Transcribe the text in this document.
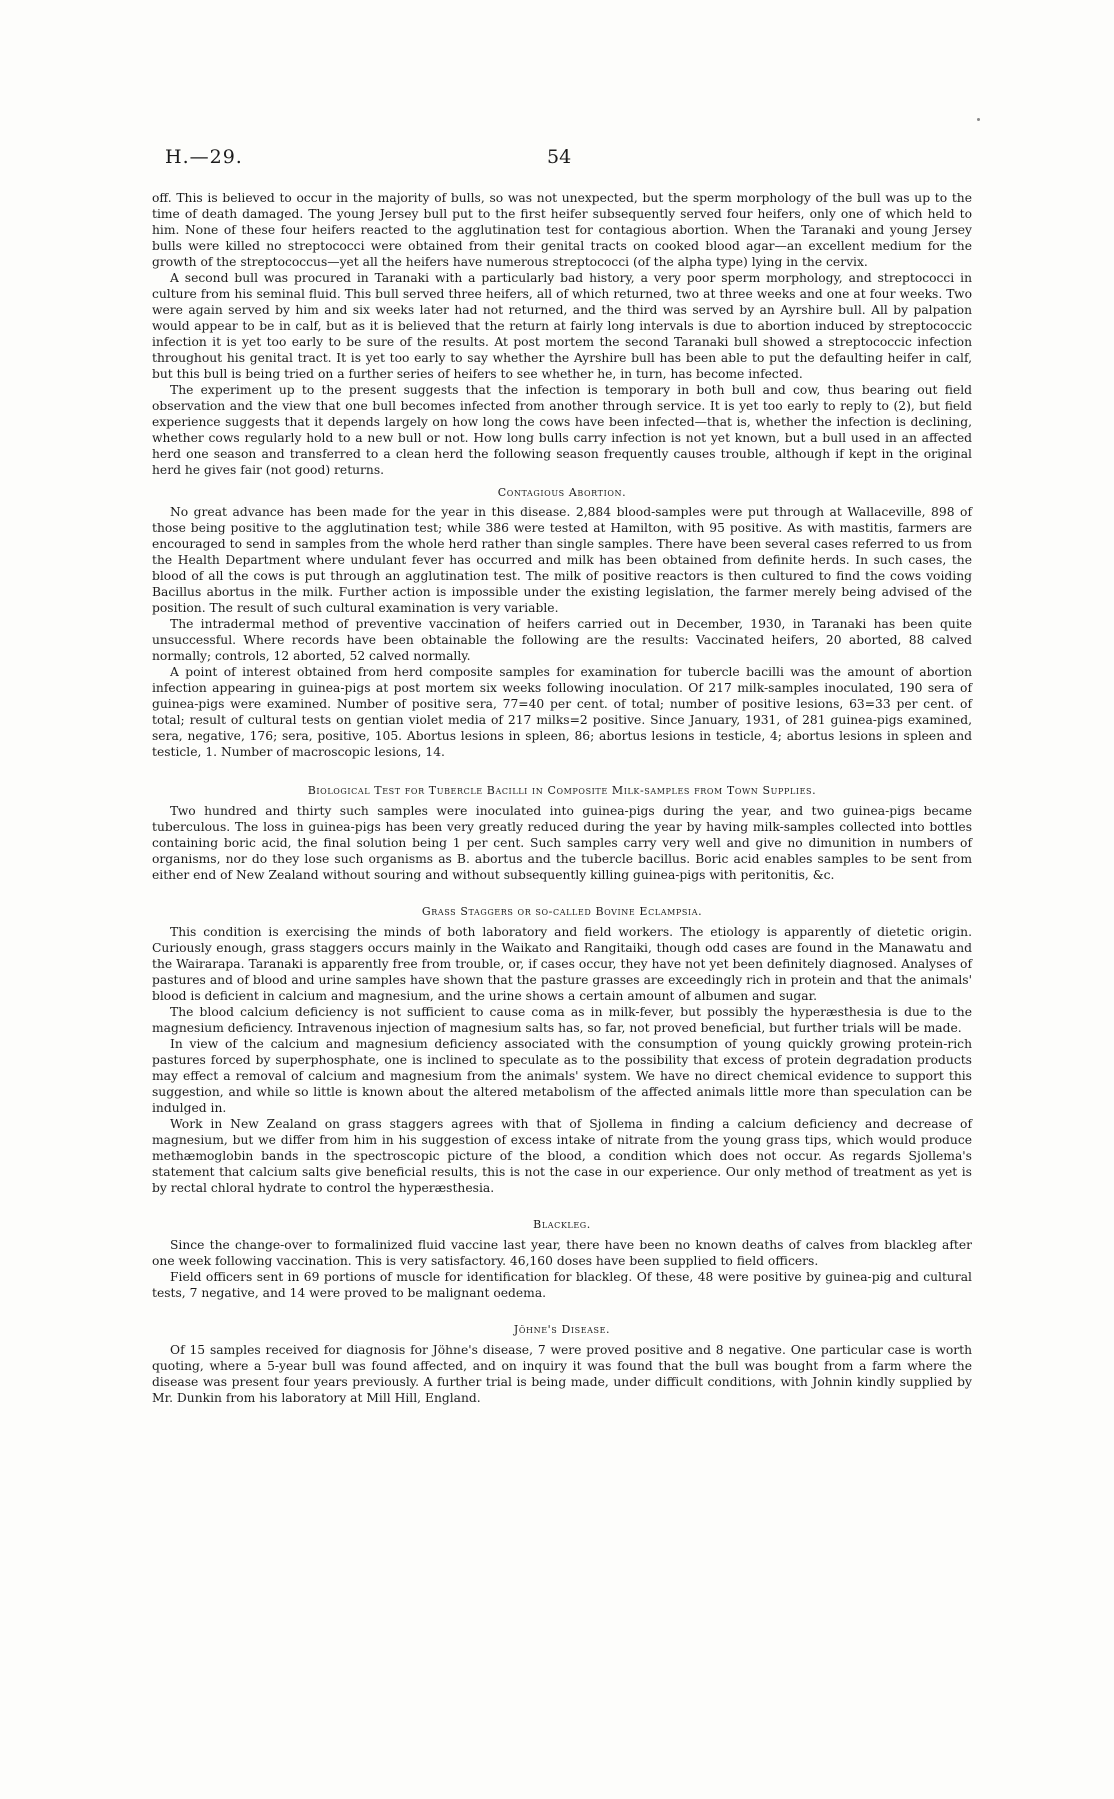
H.—29.	54

off. This is believed to occur in the majority of bulls, so was not unexpected, but the sperm morphology of the bull was up to the time of death damaged. The young Jersey bull put to the first heifer subsequently served four heifers, only one of which held to him. None of these four heifers reacted to the agglutination test for contagious abortion. When the Taranaki and young Jersey bulls were killed no streptococci were obtained from their genital tracts on cooked blood agar—an excellent medium for the growth of the streptococcus—yet all the heifers have numerous streptococci (of the alpha type) lying in the cervix.

A second bull was procured in Taranaki with a particularly bad history, a very poor sperm morphology, and streptococci in culture from his seminal fluid. This bull served three heifers, all of which returned, two at three weeks and one at four weeks. Two were again served by him and six weeks later had not returned, and the third was served by an Ayrshire bull. All by palpation would appear to be in calf, but as it is believed that the return at fairly long intervals is due to abortion induced by streptococcic infection it is yet too early to be sure of the results. At post mortem the second Taranaki bull showed a streptococcic infection throughout his genital tract. It is yet too early to say whether the Ayrshire bull has been able to put the defaulting heifer in calf, but this bull is being tried on a further series of heifers to see whether he, in turn, has become infected.

The experiment up to the present suggests that the infection is temporary in both bull and cow, thus bearing out field observation and the view that one bull becomes infected from another through service. It is yet too early to reply to (2), but field experience suggests that it depends largely on how long the cows have been infected—that is, whether the infection is declining, whether cows regularly hold to a new bull or not. How long bulls carry infection is not yet known, but a bull used in an affected herd one season and transferred to a clean herd the following season frequently causes trouble, although if kept in the original herd he gives fair (not good) returns.

Contagious Abortion.

No great advance has been made for the year in this disease. 2,884 blood-samples were put through at Wallaceville, 898 of those being positive to the agglutination test; while 386 were tested at Hamilton, with 95 positive. As with mastitis, farmers are encouraged to send in samples from the whole herd rather than single samples. There have been several cases referred to us from the Health Department where undulant fever has occurred and milk has been obtained from definite herds. In such cases, the blood of all the cows is put through an agglutination test. The milk of positive reactors is then cultured to find the cows voiding Bacillus abortus in the milk. Further action is impossible under the existing legislation, the farmer merely being advised of the position. The result of such cultural examination is very variable.

The intradermal method of preventive vaccination of heifers carried out in December, 1930, in Taranaki has been quite unsuccessful. Where records have been obtainable the following are the results: Vaccinated heifers, 20 aborted, 88 calved normally; controls, 12 aborted, 52 calved normally.

A point of interest obtained from herd composite samples for examination for tubercle bacilli was the amount of abortion infection appearing in guinea-pigs at post mortem six weeks following inoculation. Of 217 milk-samples inoculated, 190 sera of guinea-pigs were examined. Number of positive sera, 77=40 per cent. of total; number of positive lesions, 63=33 per cent. of total; result of cultural tests on gentian violet media of 217 milks=2 positive. Since January, 1931, of 281 guinea-pigs examined, sera, negative, 176; sera, positive, 105. Abortus lesions in spleen, 86; abortus lesions in testicle, 4; abortus lesions in spleen and testicle, 1. Number of macroscopic lesions, 14.

Biological Test for Tubercle Bacilli in Composite Milk-samples from Town Supplies.

Two hundred and thirty such samples were inoculated into guinea-pigs during the year, and two guinea-pigs became tuberculous. The loss in guinea-pigs has been very greatly reduced during the year by having milk-samples collected into bottles containing boric acid, the final solution being 1 per cent. Such samples carry very well and give no dimunition in numbers of organisms, nor do they lose such organisms as B. abortus and the tubercle bacillus. Boric acid enables samples to be sent from either end of New Zealand without souring and without subsequently killing guinea-pigs with peritonitis, &c.

Grass Staggers or so-called Bovine Eclampsia.

This condition is exercising the minds of both laboratory and field workers. The etiology is apparently of dietetic origin. Curiously enough, grass staggers occurs mainly in the Waikato and Rangitaiki, though odd cases are found in the Manawatu and the Wairarapa. Taranaki is apparently free from trouble, or, if cases occur, they have not yet been definitely diagnosed. Analyses of pastures and of blood and urine samples have shown that the pasture grasses are exceedingly rich in protein and that the animals' blood is deficient in calcium and magnesium, and the urine shows a certain amount of albumen and sugar.

The blood calcium deficiency is not sufficient to cause coma as in milk-fever, but possibly the hyperæsthesia is due to the magnesium deficiency. Intravenous injection of magnesium salts has, so far, not proved beneficial, but further trials will be made.

In view of the calcium and magnesium deficiency associated with the consumption of young quickly growing protein-rich pastures forced by superphosphate, one is inclined to speculate as to the possibility that excess of protein degradation products may effect a removal of calcium and magnesium from the animals' system. We have no direct chemical evidence to support this suggestion, and while so little is known about the altered metabolism of the affected animals little more than speculation can be indulged in.

Work in New Zealand on grass staggers agrees with that of Sjollema in finding a calcium deficiency and decrease of magnesium, but we differ from him in his suggestion of excess intake of nitrate from the young grass tips, which would produce methæmoglobin bands in the spectroscopic picture of the blood, a condition which does not occur. As regards Sjollema's statement that calcium salts give beneficial results, this is not the case in our experience. Our only method of treatment as yet is by rectal chloral hydrate to control the hyperæsthesia.

Blackleg.

Since the change-over to formalinized fluid vaccine last year, there have been no known deaths of calves from blackleg after one week following vaccination. This is very satisfactory. 46,160 doses have been supplied to field officers.

Field officers sent in 69 portions of muscle for identification for blackleg. Of these, 48 were positive by guinea-pig and cultural tests, 7 negative, and 14 were proved to be malignant oedema.

Jöhne's Disease.

Of 15 samples received for diagnosis for Jöhne's disease, 7 were proved positive and 8 negative. One particular case is worth quoting, where a 5-year bull was found affected, and on inquiry it was found that the bull was bought from a farm where the disease was present four years previously. A further trial is being made, under difficult conditions, with Johnin kindly supplied by Mr. Dunkin from his laboratory at Mill Hill, England.
